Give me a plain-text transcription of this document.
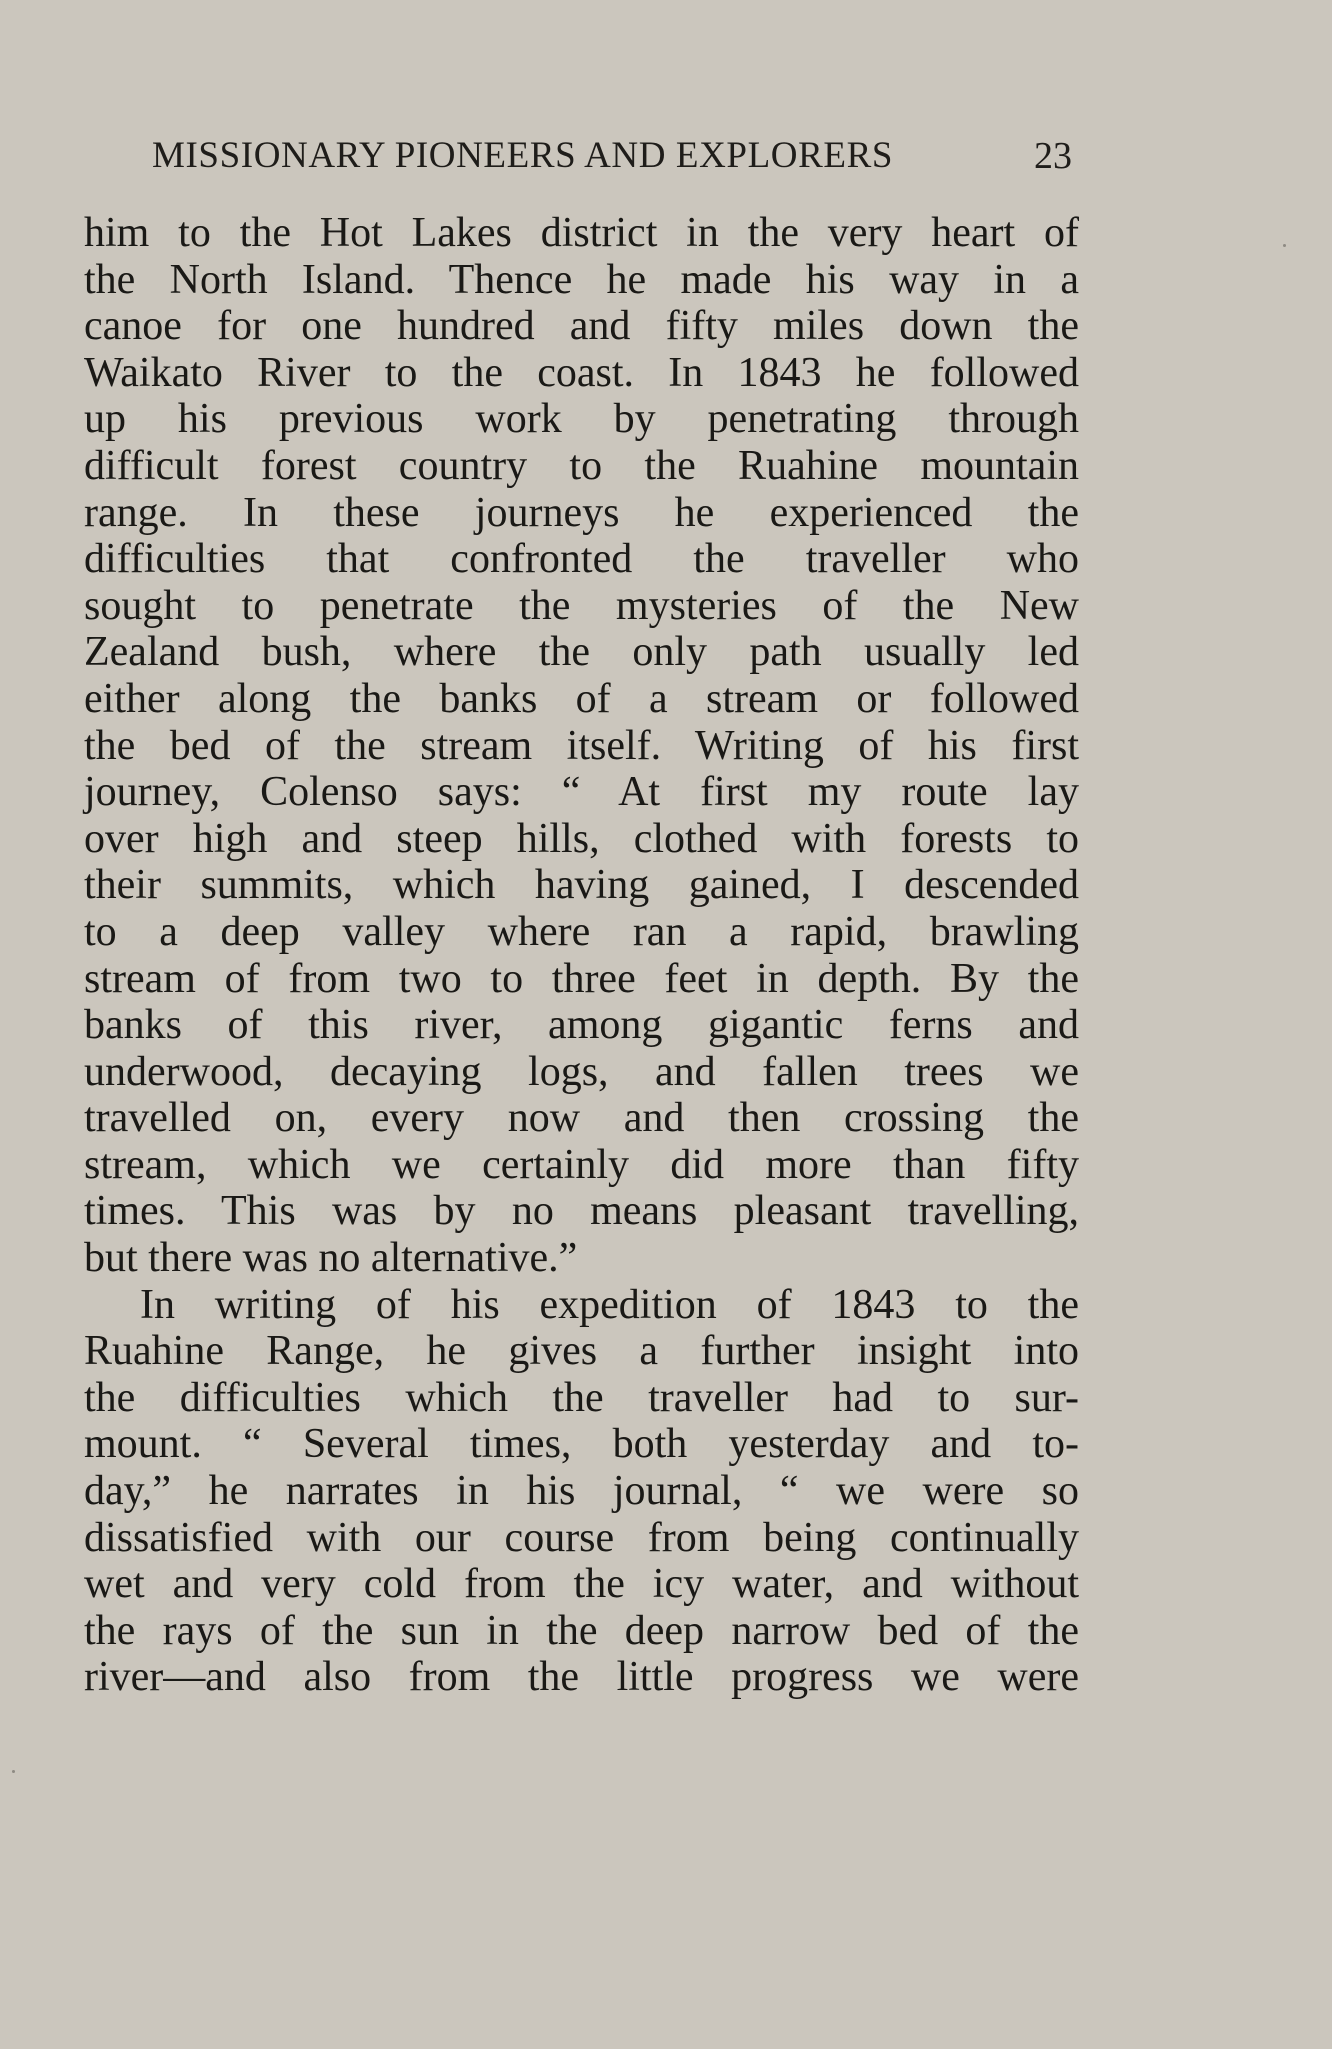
MISSIONARY PIONEERS AND EXPLORERS	23
him to the Hot Lakes district in the very heart of
the North Island. Thence he made his way in a
canoe for one hundred and fifty miles down the
Waikato River to the coast. In 1843 he followed
up his previous work by penetrating through
difficult forest country to the Ruahine mountain
range. In these journeys he experienced the
difficulties that confronted the traveller who
sought to penetrate the mysteries of the New
Zealand bush, where the only path usually led
either along the banks of a stream or followed
the bed of the stream itself. Writing of his first
journey, Colenso says: “ At first my route lay
over high and steep hills, clothed with forests to
their summits, which having gained, I descended
to a deep valley where ran a rapid, brawling
stream of from two to three feet in depth. By the
banks of this river, among gigantic ferns and
underwood, decaying logs, and fallen trees we
travelled on, every now and then crossing the
stream, which we certainly did more than fifty
times. This was by no means pleasant travelling,
but there was no alternative.”
In writing of his expedition of 1843 to the
Ruahine Range, he gives a further insight into
the difficulties which the traveller had to sur-
mount. “ Several times, both yesterday and to-
day,” he narrates in his journal, “ we were so
dissatisfied with our course from being continually
wet and very cold from the icy water, and without
the rays of the sun in the deep narrow bed of the
river—and also from the little progress we were
